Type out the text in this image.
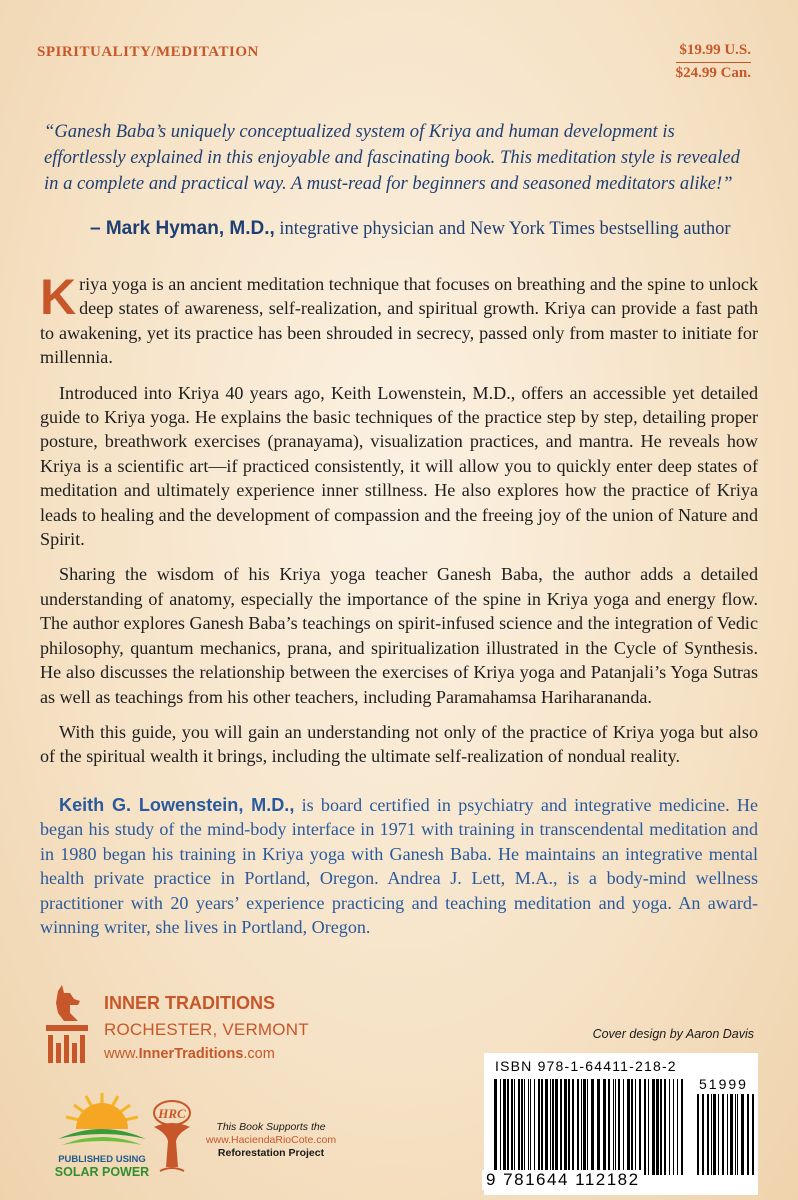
SPIRITUALITY/MEDITATION	$19.99 U.S.
$24.99 Can.
“Ganesh Baba’s uniquely conceptualized system of Kriya and human development is effortlessly explained in this enjoyable and fascinating book. This meditation style is revealed in a complete and practical way. A must-read for beginners and seasoned meditators alike!”
– Mark Hyman, M.D., integrative physician and New York Times bestselling author

Kriya yoga is an ancient meditation technique that focuses on breathing and the spine to unlock deep states of awareness, self-realization, and spiritual growth. Kriya can provide a fast path to awakening, yet its practice has been shrouded in secrecy, passed only from master to initiate for millennia.

Introduced into Kriya 40 years ago, Keith Lowenstein, M.D., offers an accessible yet detailed guide to Kriya yoga. He explains the basic techniques of the practice step by step, detailing proper posture, breathwork exercises (pranayama), visualization practices, and mantra. He reveals how Kriya is a scientific art—if practiced consistently, it will allow you to quickly enter deep states of meditation and ultimately experience inner stillness. He also explores how the practice of Kriya leads to healing and the development of compassion and the freeing joy of the union of Nature and Spirit.

Sharing the wisdom of his Kriya yoga teacher Ganesh Baba, the author adds a detailed understanding of anatomy, especially the importance of the spine in Kriya yoga and energy flow. The author explores Ganesh Baba’s teachings on spirit-infused science and the integration of Vedic philosophy, quantum mechanics, prana, and spiritualization illustrated in the Cycle of Synthesis. He also discusses the relationship between the exercises of Kriya yoga and Patanjali’s Yoga Sutras as well as teachings from his other teachers, including Paramahamsa Hariharananda.

With this guide, you will gain an understanding not only of the practice of Kriya yoga but also of the spiritual wealth it brings, including the ultimate self-realization of nondual reality.

Keith G. Lowenstein, M.D., is board certified in psychiatry and integrative medicine. He began his study of the mind-body interface in 1971 with training in transcendental meditation and in 1980 began his training in Kriya yoga with Ganesh Baba. He maintains an integrative mental health private practice in Portland, Oregon. Andrea J. Lett, M.A., is a body-mind wellness practitioner with 20 years’ experience practicing and teaching meditation and yoga. An award-winning writer, she lives in Portland, Oregon.
INNER TRADITIONS
ROCHESTER, VERMONT
www.InnerTraditions.com
Cover design by Aaron Davis
PUBLISHED USING
SOLAR POWER
HRC
This Book Supports the
www.HaciendaRioCote.com
Reforestation Project
ISBN 978-1-64411-218-2
51999
9 781644 112182
